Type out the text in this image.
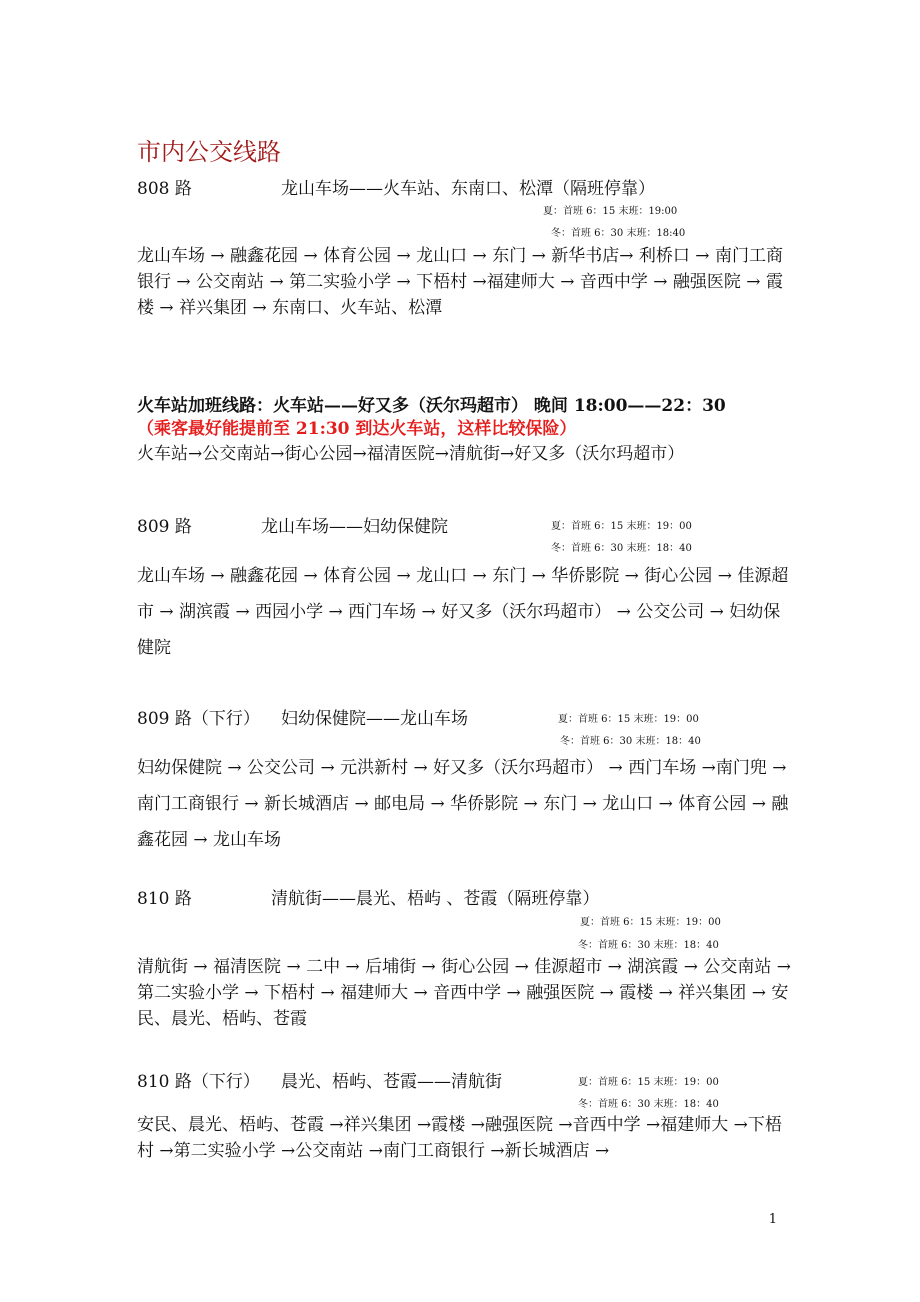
市内公交线路
808 路	龙山车场——火车站、东南口、松潭（隔班停靠）
夏：首班 6：15 末班：19:00
冬：首班 6：30 末班：18:40
龙山车场 → 融鑫花园 → 体育公园 → 龙山口 → 东门 → 新华书店→ 利桥口 → 南门工商银行 → 公交南站 → 第二实验小学 → 下梧村 →福建师大 → 音西中学 → 融强医院 → 霞楼 → 祥兴集团 → 东南口、火车站、松潭
火车站加班线路：火车站——好又多（沃尔玛超市） 晚间 18:00——22：30
（乘客最好能提前至 21:30 到达火车站，这样比较保险）
火车站→公交南站→街心公园→福清医院→清航街→好又多（沃尔玛超市）
809 路	龙山车场——妇幼保健院	夏：首班 6：15 末班：19：00
冬：首班 6：30 末班：18：40
龙山车场 → 融鑫花园 → 体育公园 → 龙山口 → 东门 → 华侨影院 → 街心公园 → 佳源超市 → 湖滨霞 → 西园小学 → 西门车场 → 好又多（沃尔玛超市） → 公交公司 → 妇幼保健院
809 路（下行） 妇幼保健院——龙山车场	夏：首班 6：15 末班：19：00
冬：首班 6：30 末班：18：40
妇幼保健院 → 公交公司 → 元洪新村 → 好又多（沃尔玛超市） → 西门车场 →南门兜 → 南门工商银行 → 新长城酒店 → 邮电局 → 华侨影院 → 东门 → 龙山口 → 体育公园 → 融鑫花园 → 龙山车场
810 路	清航街——晨光、梧屿 、苍霞（隔班停靠）
夏：首班 6：15 末班：19：00
冬：首班 6：30 末班：18：40
清航街 → 福清医院 → 二中 → 后埔街 → 街心公园 → 佳源超市 → 湖滨霞 → 公交南站 → 第二实验小学 → 下梧村 → 福建师大 → 音西中学 → 融强医院 → 霞楼 → 祥兴集团 → 安民、晨光、梧屿、苍霞
810 路（下行） 晨光、梧屿、苍霞——清航街	夏：首班 6：15 末班：19：00
冬：首班 6：30 末班：18：40
安民、晨光、梧屿、苍霞 →祥兴集团 →霞楼 →融强医院 →音西中学 →福建师大 →下梧村 →第二实验小学 →公交南站 →南门工商银行 →新长城酒店 →
1
